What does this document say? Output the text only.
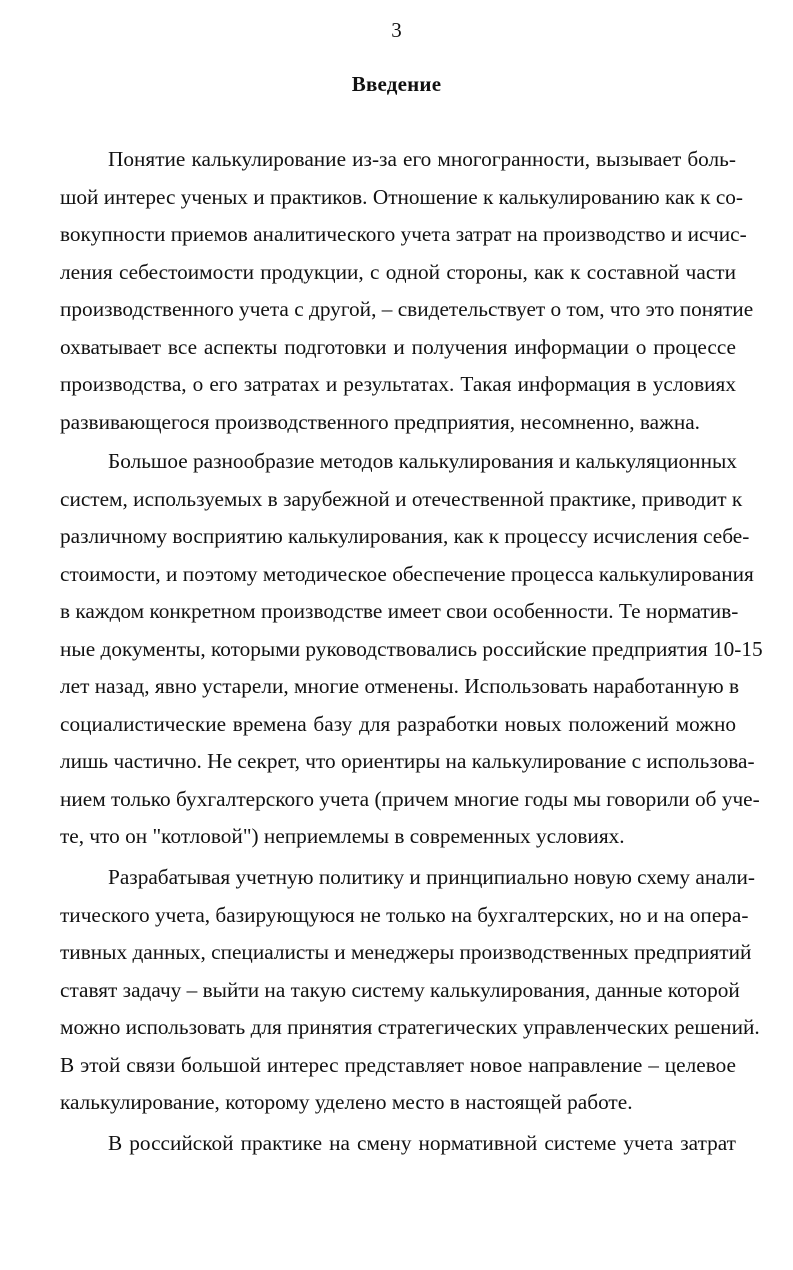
3
Введение
Понятие калькулирование из-за его многогранности, вызывает боль-
шой интерес ученых и практиков. Отношение к калькулированию как к со-
вокупности приемов аналитического учета затрат на производство и исчис-
ления себестоимости продукции, с одной стороны, как к составной части
производственного учета с другой, – свидетельствует о том, что это понятие
охватывает все аспекты подготовки и получения информации о процессе
производства, о его затратах и результатах. Такая информация в условиях
развивающегося производственного предприятия, несомненно, важна.
Большое разнообразие методов калькулирования и калькуляционных
систем, используемых в зарубежной и отечественной практике, приводит к
различному восприятию калькулирования, как к процессу исчисления себе-
стоимости, и поэтому методическое обеспечение процесса калькулирования
в каждом конкретном производстве имеет свои особенности. Те норматив-
ные документы, которыми руководствовались российские предприятия 10-15
лет назад, явно устарели, многие отменены. Использовать наработанную в
социалистические времена базу для разработки новых положений можно
лишь частично. Не секрет, что ориентиры на калькулирование с использова-
нием только бухгалтерского учета (причем многие годы мы говорили об уче-
те, что он "котловой") неприемлемы в современных условиях.
Разрабатывая учетную политику и принципиально новую схему анали-
тического учета, базирующуюся не только на бухгалтерских, но и на опера-
тивных данных, специалисты и менеджеры производственных предприятий
ставят задачу – выйти на такую систему калькулирования, данные которой
можно использовать для принятия стратегических управленческих решений.
В этой связи большой интерес представляет новое направление – целевое
калькулирование, которому уделено место в настоящей работе.
В российской практике на смену нормативной системе учета затрат
